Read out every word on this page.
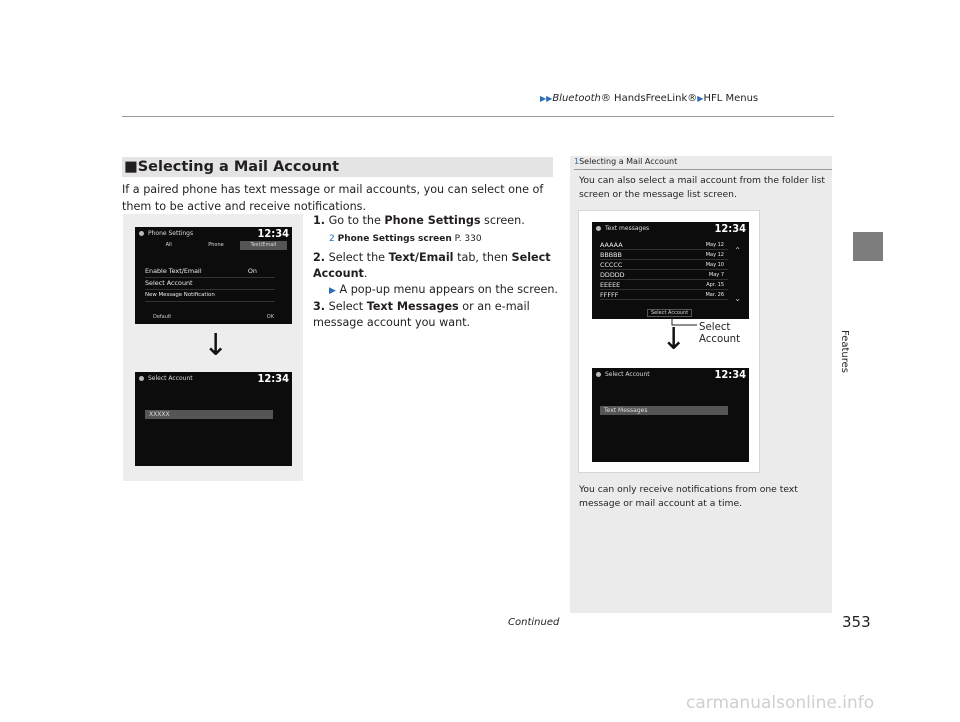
▶▶Bluetooth® HandsFreeLink®▶HFL Menus
Features
■Selecting a Mail Account
If a paired phone has text message or mail accounts, you can select one of them to be active and receive notifications.
Phone Settings	12:34
All	Phone	Text/Email
Enable Text/Email	On
Select Account
New Message Notification
Default	OK
↓
Select Account	12:34
XXXXX
1. Go to the Phone Settings screen.
2 Phone Settings screen P. 330
2. Select the Text/Email tab, then Select Account.
▶ A pop-up menu appears on the screen.
3. Select Text Messages or an e-mail message account you want.
1Selecting a Mail Account
You can also select a mail account from the folder list screen or the message list screen.
Text messages	12:34
AAAAA	May 12
BBBBB	May 12
CCCCC	May 10
DDDDD	May 7
EEEEE	Apr. 15
FFFFF	Mar. 26
⌃
⌄
Select Account
Select
Account
↓
Select Account	12:34
Text Messages
You can only receive notifications from one text message or mail account at a time.
Continued	353
carmanualsonline.info
